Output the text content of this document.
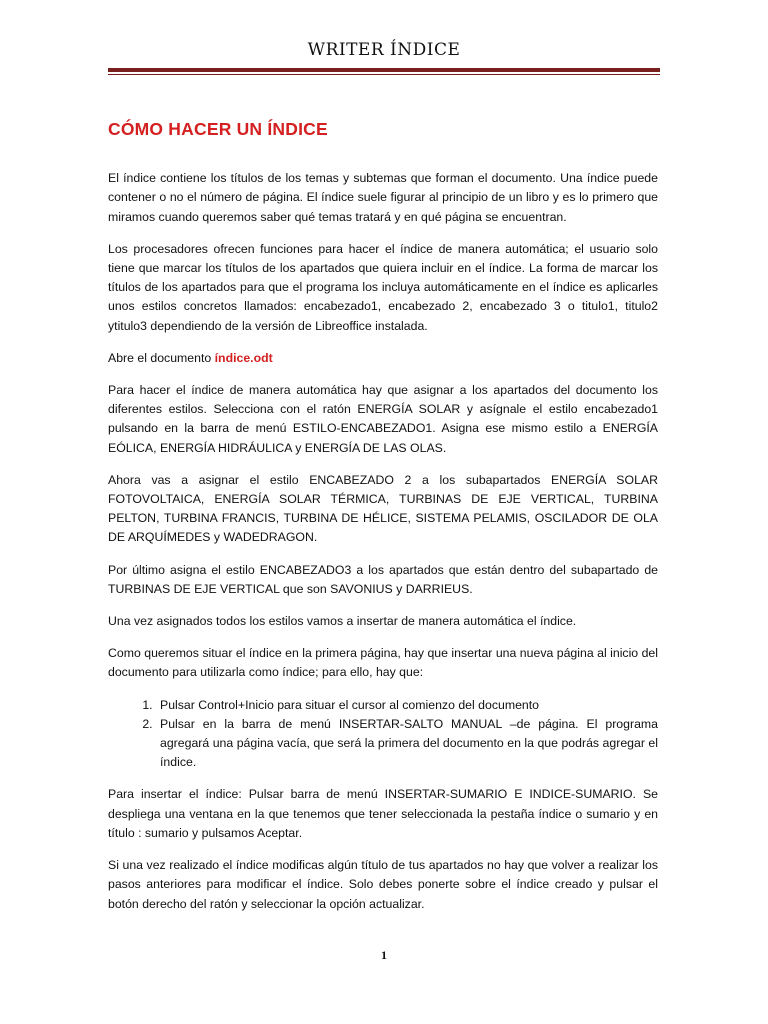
WRITER ÍNDICE
CÓMO HACER UN ÍNDICE

El índice contiene los títulos de los temas y subtemas que forman el documento. Una índice puede contener o no el número de página. El índice suele figurar al principio de un libro y es lo primero que miramos cuando queremos saber qué temas tratará y en qué página se encuentran.

Los procesadores ofrecen funciones para hacer el índice de manera automática; el usuario solo tiene que marcar los títulos de los apartados que quiera incluir en el índice. La forma de marcar los títulos de los apartados para que el programa los incluya automáticamente en el índice es aplicarles unos estilos concretos llamados: encabezado1, encabezado 2, encabezado 3 o titulo1, titulo2 ytitulo3 dependiendo de la versión de Libreoffice instalada.

Abre el documento índice.odt

Para hacer el índice de manera automática hay que asignar a los apartados del documento los diferentes estilos. Selecciona con el ratón ENERGÍA SOLAR y asígnale el estilo encabezado1 pulsando en la barra de menú ESTILO-ENCABEZADO1. Asigna ese mismo estilo a ENERGÍA EÓLICA, ENERGÍA HIDRÁULICA y ENERGÍA DE LAS OLAS.

Ahora vas a asignar el estilo ENCABEZADO 2 a los subapartados ENERGÍA SOLAR FOTOVOLTAICA, ENERGÍA SOLAR TÉRMICA, TURBINAS DE EJE VERTICAL, TURBINA PELTON, TURBINA FRANCIS, TURBINA DE HÉLICE, SISTEMA PELAMIS, OSCILADOR DE OLA DE ARQUÍMEDES y WADEDRAGON.

Por último asigna el estilo ENCABEZADO3 a los apartados que están dentro del subapartado de TURBINAS DE EJE VERTICAL que son SAVONIUS y DARRIEUS.

Una vez asignados todos los estilos vamos a insertar de manera automática el índice.

Como queremos situar el índice en la primera página, hay que insertar una nueva página al inicio del documento para utilizarla como índice; para ello, hay que:

1. Pulsar Control+Inicio para situar el cursor al comienzo del documento
2. Pulsar en la barra de menú INSERTAR-SALTO MANUAL –de página. El programa agregará una página vacía, que será la primera del documento en la que podrás agregar el índice.

Para insertar el índice: Pulsar barra de menú INSERTAR-SUMARIO E INDICE-SUMARIO. Se despliega una ventana en la que tenemos que tener seleccionada la pestaña índice o sumario y en título : sumario y pulsamos Aceptar.

Si una vez realizado el índice modificas algún título de tus apartados no hay que volver a realizar los pasos anteriores para modificar el índice. Solo debes ponerte sobre el índice creado y pulsar el botón derecho del ratón y seleccionar la opción actualizar.

1
